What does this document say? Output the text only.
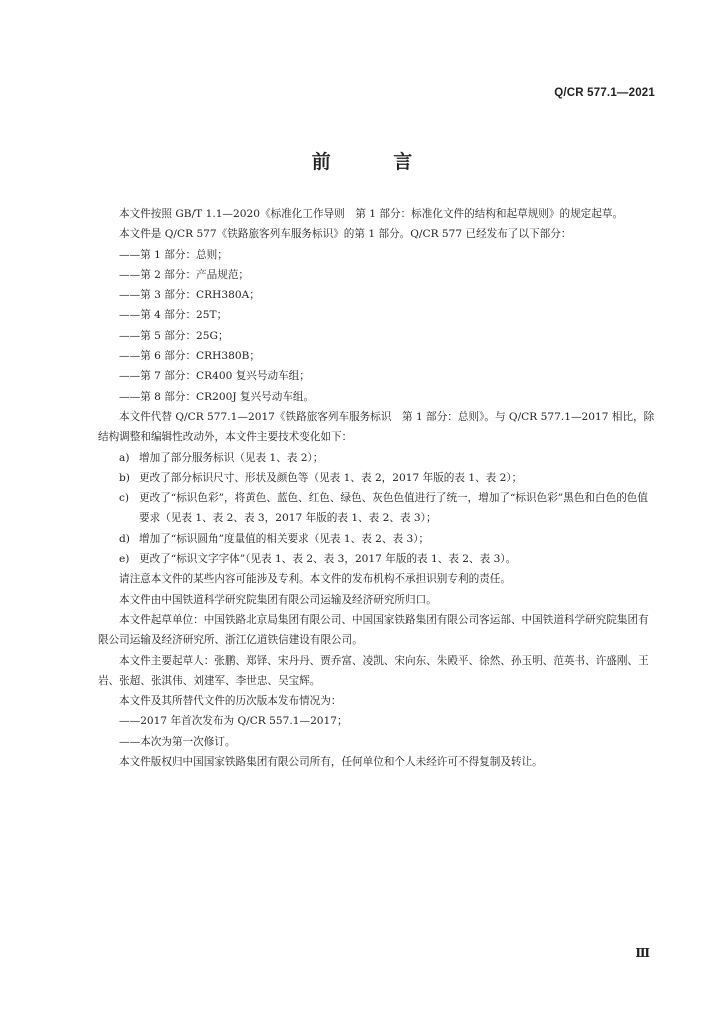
Q/CR 577.1—2021
前 言

本文件按照 GB/T 1.1—2020《标准化工作导则　第 1 部分：标准化文件的结构和起草规则》的规定起草。

本文件是 Q/CR 577《铁路旅客列车服务标识》的第 1 部分。Q/CR 577 已经发布了以下部分：

——第 1 部分：总则；

——第 2 部分：产品规范；

——第 3 部分：CRH380A；

——第 4 部分：25T；

——第 5 部分：25G；

——第 6 部分：CRH380B；

——第 7 部分：CR400 复兴号动车组；

——第 8 部分：CR200J 复兴号动车组。

本文件代替 Q/CR 577.1—2017《铁路旅客列车服务标识　第 1 部分：总则》。与 Q/CR 577.1—2017 相比，除结构调整和编辑性改动外，本文件主要技术变化如下：

a) 增加了部分服务标识（见表 1、表 2）；

b) 更改了部分标识尺寸、形状及颜色等（见表 1、表 2，2017 年版的表 1、表 2）；

c) 更改了“标识色彩”，将黄色、蓝色、红色、绿色、灰色色值进行了统一，增加了“标识色彩”黑色和白色的色值要求（见表 1、表 2、表 3，2017 年版的表 1、表 2、表 3）；

d) 增加了“标识圆角”度量值的相关要求（见表 1、表 2、表 3）；

e) 更改了“标识文字字体”（见表 1、表 2、表 3，2017 年版的表 1、表 2、表 3）。

请注意本文件的某些内容可能涉及专利。本文件的发布机构不承担识别专利的责任。

本文件由中国铁道科学研究院集团有限公司运输及经济研究所归口。

本文件起草单位：中国铁路北京局集团有限公司、中国国家铁路集团有限公司客运部、中国铁道科学研究院集团有限公司运输及经济研究所、浙江亿道铁信建设有限公司。

本文件主要起草人：张鹏、郑铎、宋丹丹、贾乔富、凌凯、宋向东、朱殿平、徐然、孙玉明、范英书、许盛刚、王岩、张超、张淇伟、刘建军、李世忠、吴宝辉。

本文件及其所替代文件的历次版本发布情况为：

——2017 年首次发布为 Q/CR 557.1—2017；

——本次为第一次修订。

本文件版权归中国国家铁路集团有限公司所有，任何单位和个人未经许可不得复制及转让。

Ⅲ
